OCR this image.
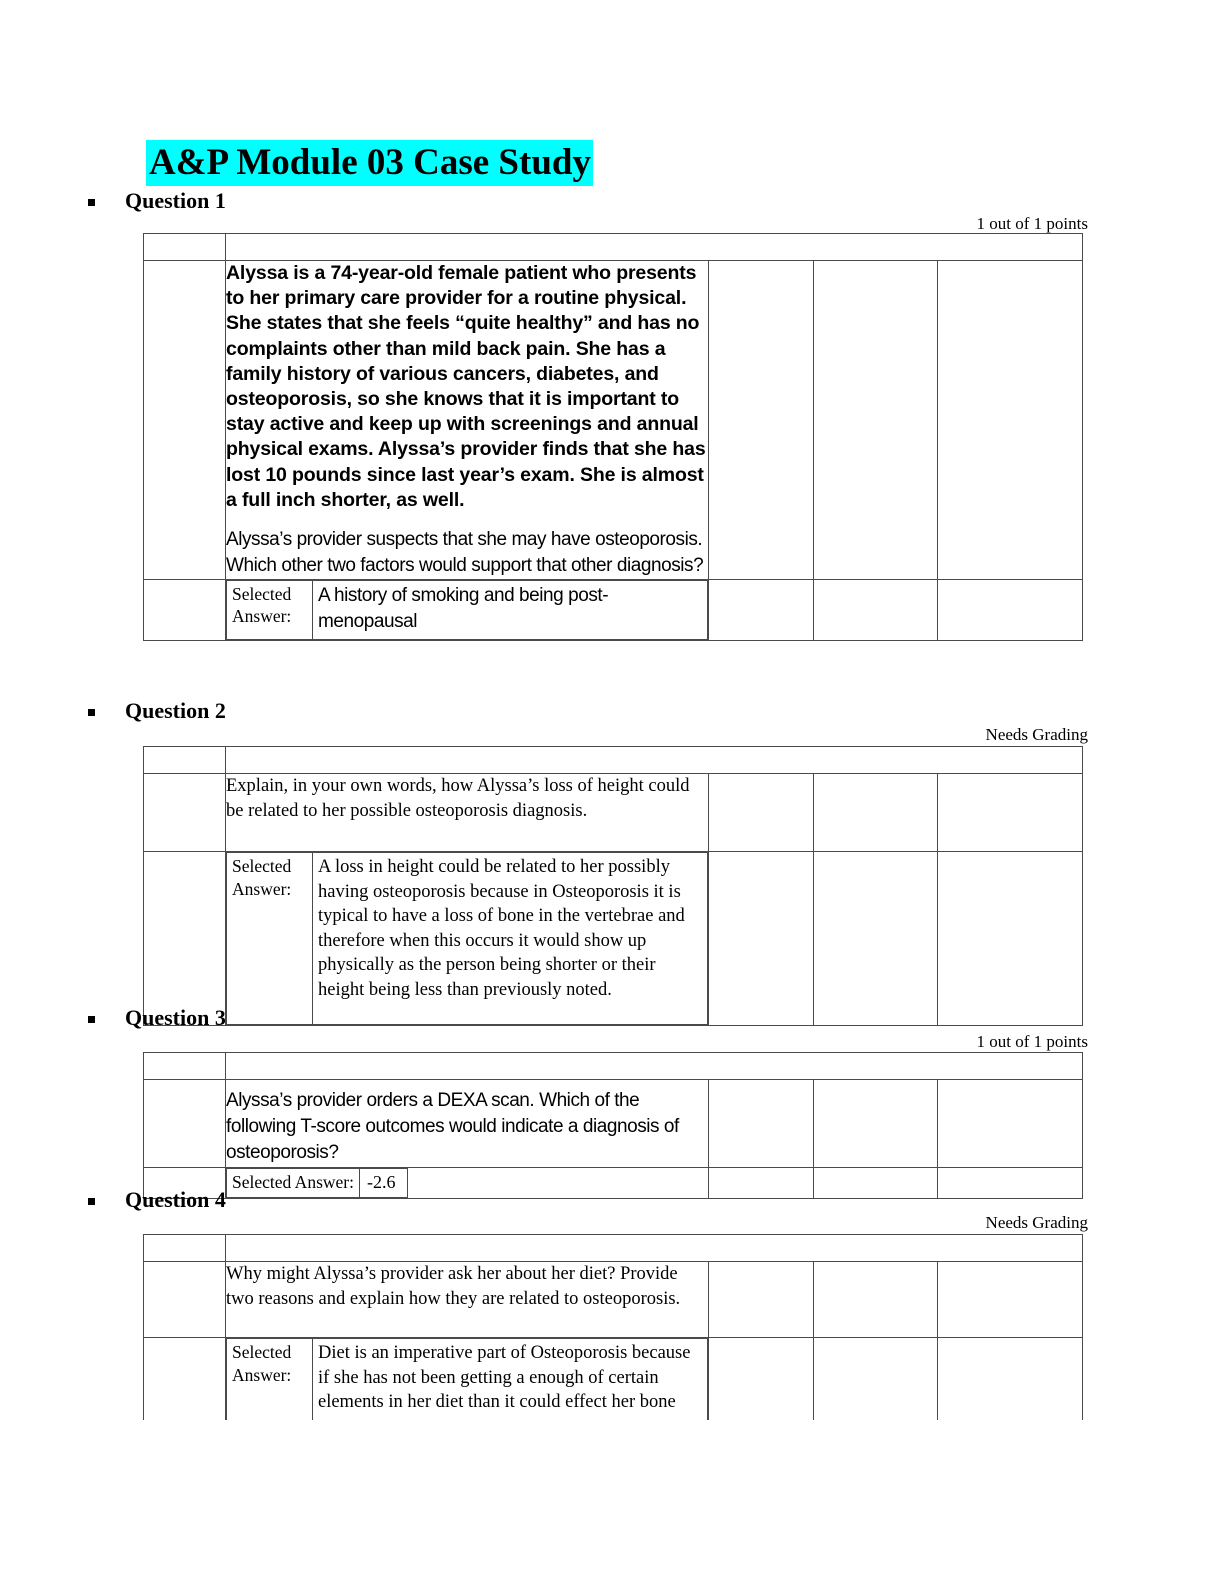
A&P Module 03 Case Study
Question 1
1 out of 1 points

Alyssa is a 74-year-old female patient who presents to her primary care provider for a routine physical. She states that she feels “quite healthy” and has no complaints other than mild back pain. She has a family history of various cancers, diabetes, and osteoporosis, so she knows that it is important to stay active and keep up with screenings and annual physical exams. Alyssa’s provider finds that she has lost 10 pounds since last year’s exam. She is almost a full inch shorter, as well.
Alyssa’s provider suspects that she may have osteoporosis. Which other two factors would support that other diagnosis?

Selected Answer:	A history of smoking and being post-menopausal

Question 2
Needs Grading

Explain, in your own words, how Alyssa’s loss of height could be related to her possible osteoporosis diagnosis.

Selected Answer:	A loss in height could be related to her possibly having osteoporosis because in Osteoporosis it is typical to have a loss of bone in the vertebrae and therefore when this occurs it would show up physically as the person being shorter or their height being less than previously noted.

Question 3
1 out of 1 points

Alyssa’s provider orders a DEXA scan. Which of the following T-score outcomes would indicate a diagnosis of osteoporosis?

Selected Answer:	-2.6

Question 4
Needs Grading

Why might Alyssa’s provider ask her about her diet? Provide two reasons and explain how they are related to osteoporosis.

Selected Answer:	Diet is an imperative part of Osteoporosis because if she has not been getting a enough of certain elements in her diet than it could effect her bone
